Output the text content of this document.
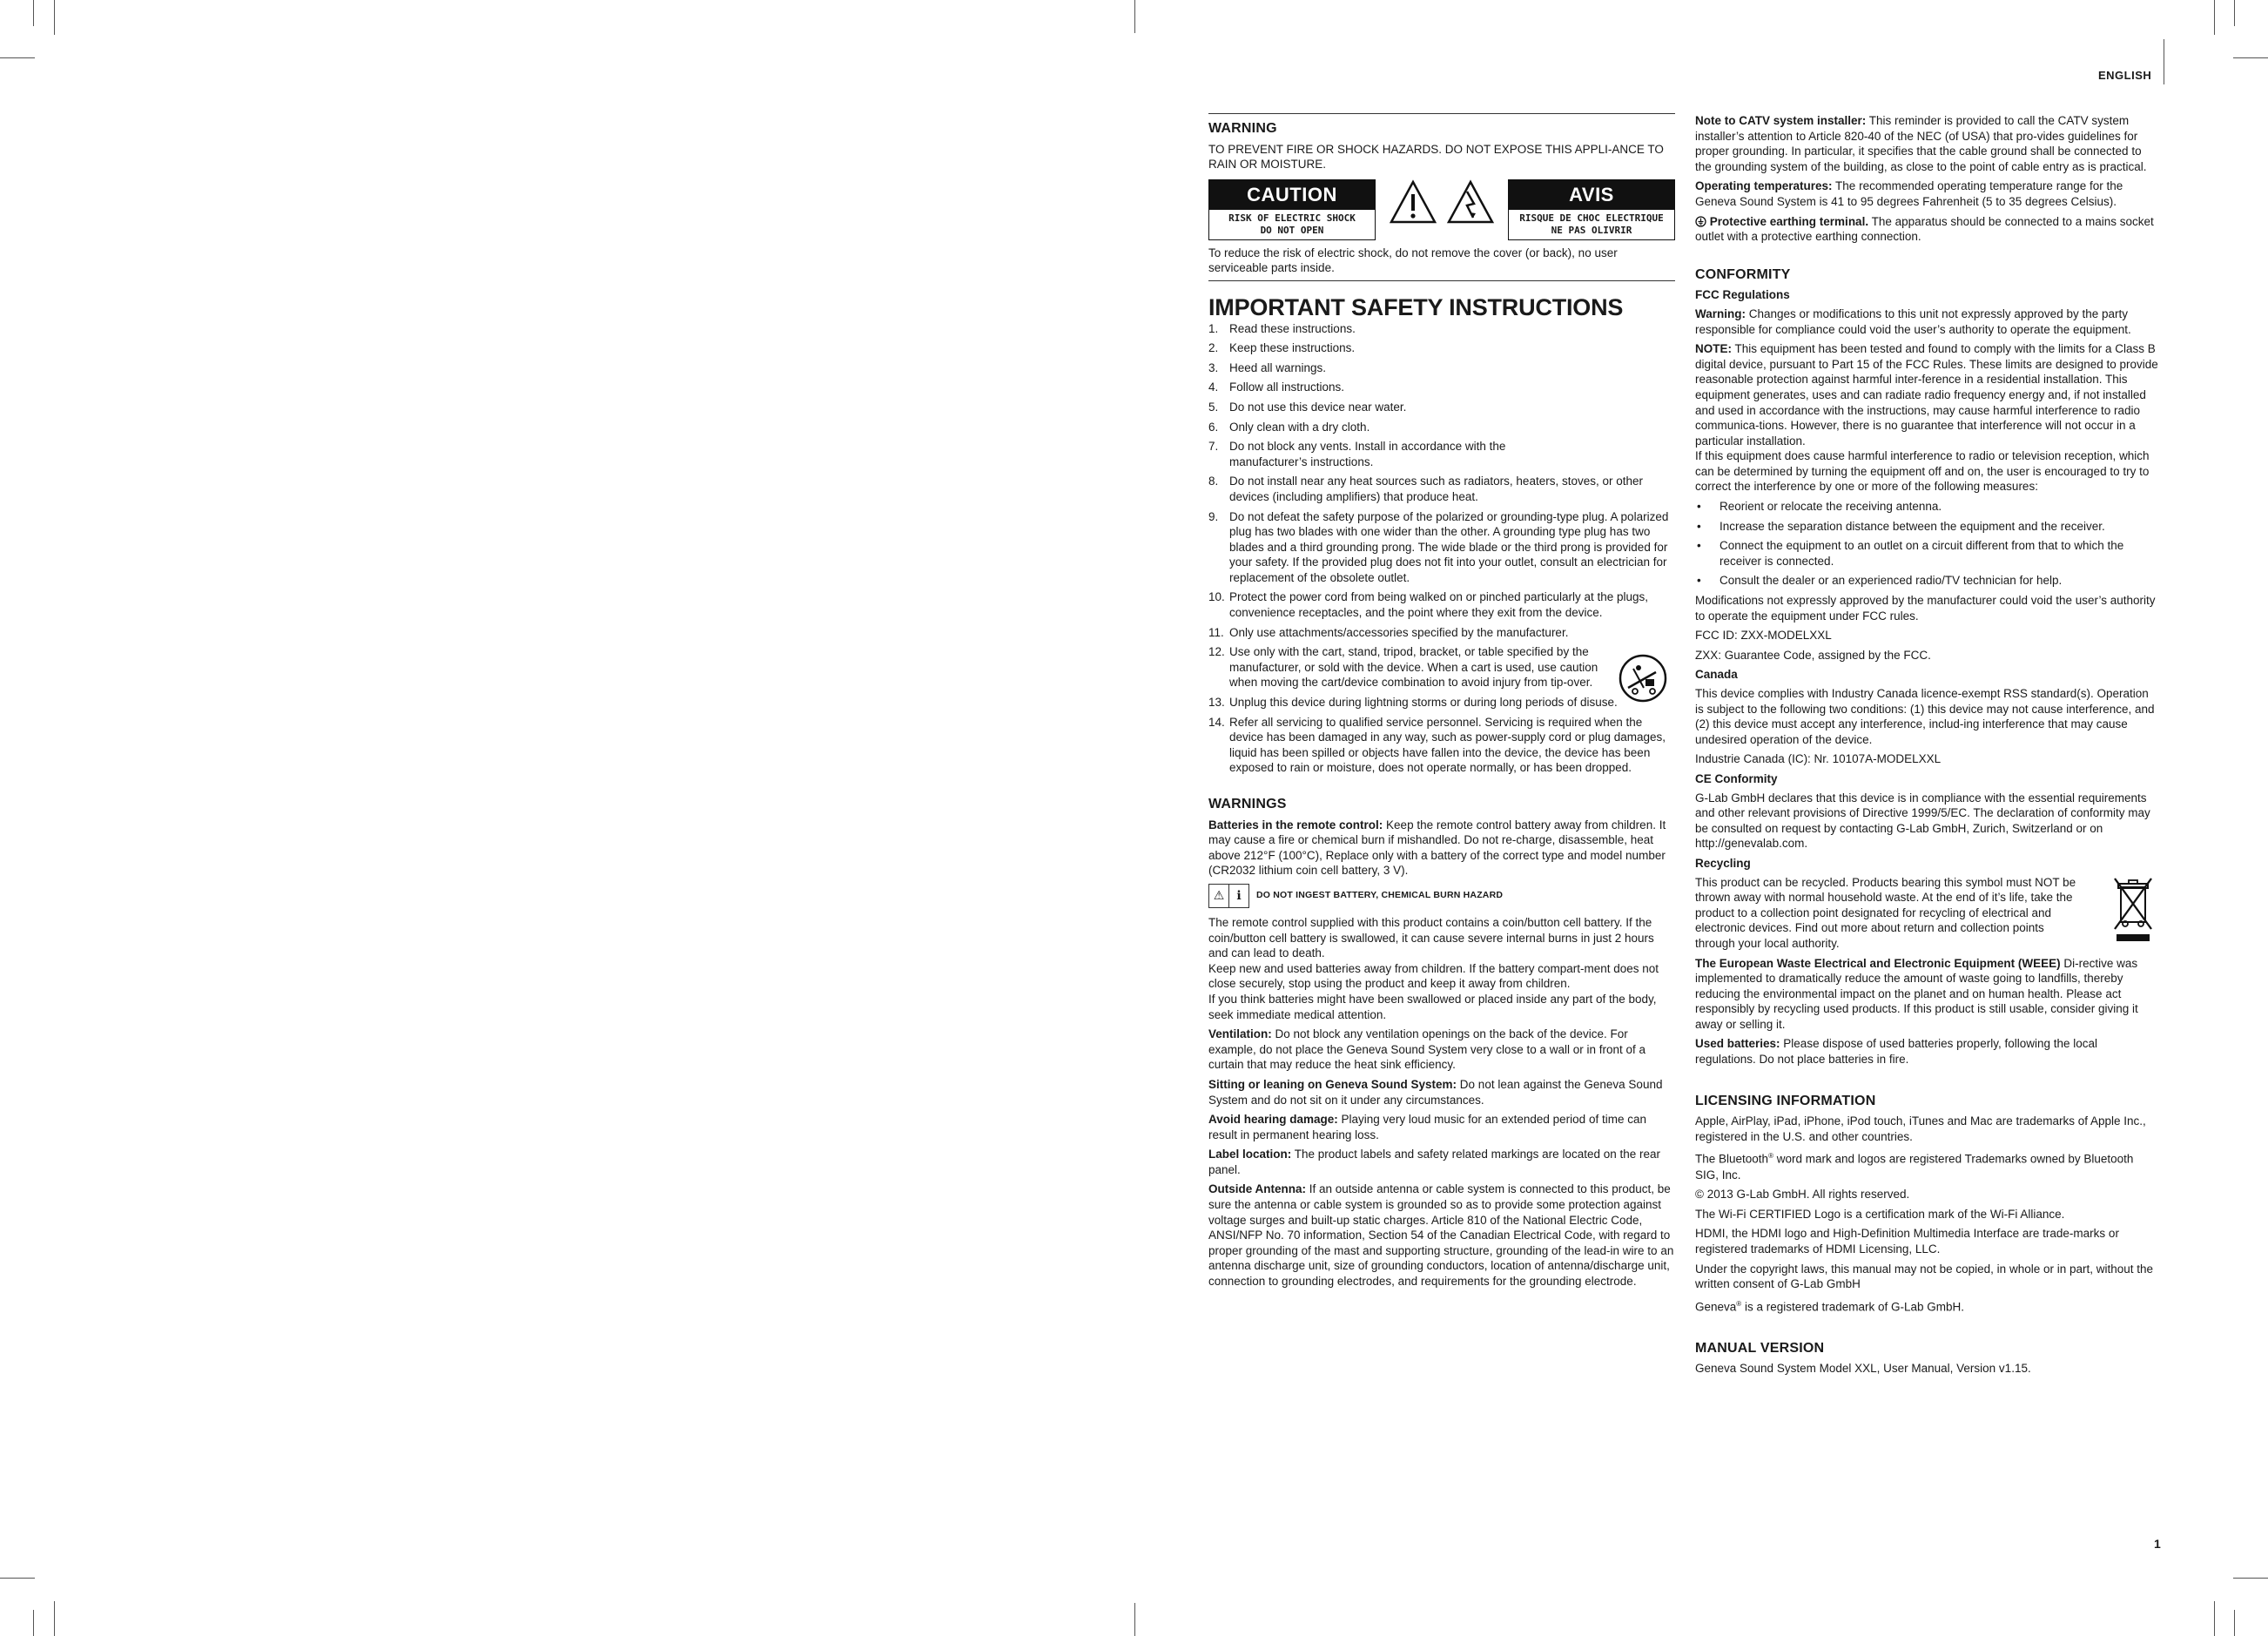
ENGLISH
1
WARNING

TO PREVENT FIRE OR SHOCK HAZARDS. DO NOT EXPOSE THIS APPLI-ANCE TO RAIN OR MOISTURE.

CAUTION
RISK OF ELECTRIC SHOCK
DO NOT OPEN
AVIS
RISQUE DE CHOC ELECTRIQUE
NE PAS OLIVRIR

To reduce the risk of electric shock, do not remove the cover (or back), no user serviceable parts inside.

IMPORTANT SAFETY INSTRUCTIONS
1. Read these instructions.
2. Keep these instructions.
3. Heed all warnings.
4. Follow all instructions.
5. Do not use this device near water.
6. Only clean with a dry cloth.
7. Do not block any vents. Install in accordance with the manufacturer’s instructions.
8. Do not install near any heat sources such as radiators, heaters, stoves, or other devices (including amplifiers) that produce heat.
9. Do not defeat the safety purpose of the polarized or grounding-type plug. A polarized plug has two blades with one wider than the other. A grounding type plug has two blades and a third grounding prong. The wide blade or the third prong is provided for your safety. If the provided plug does not fit into your outlet, consult an electrician for replacement of the obsolete outlet.
10. Protect the power cord from being walked on or pinched particularly at the plugs, convenience receptacles, and the point where they exit from the device.
11. Only use attachments/accessories specified by the manufacturer.
12. Use only with the cart, stand, tripod, bracket, or table specified by the manufacturer, or sold with the device. When a cart is used, use caution when moving the cart/device combination to avoid injury from tip-over.
13. Unplug this device during lightning storms or during long periods of disuse.
14. Refer all servicing to qualified service personnel. Servicing is required when the device has been damaged in any way, such as power-supply cord or plug damages, liquid has been spilled or objects have fallen into the device, the device has been exposed to rain or moisture, does not operate normally, or has been dropped.
WARNINGS

Batteries in the remote control: Keep the remote control battery away from children. It may cause a fire or chemical burn if mishandled. Do not re-charge, disassemble, heat above 212°F (100°C), Replace only with a battery of the correct type and model number (CR2032 lithium coin cell battery, 3 V).

⚠	ℹ	DO NOT INGEST BATTERY, CHEMICAL BURN HAZARD

The remote control supplied with this product contains a coin/button cell battery. If the coin/button cell battery is swallowed, it can cause severe internal burns in just 2 hours and can lead to death.

Keep new and used batteries away from children. If the battery compart-ment does not close securely, stop using the product and keep it away from children.

If you think batteries might have been swallowed or placed inside any part of the body, seek immediate medical attention.

Ventilation: Do not block any ventilation openings on the back of the device. For example, do not place the Geneva Sound System very close to a wall or in front of a curtain that may reduce the heat sink efficiency.

Sitting or leaning on Geneva Sound System: Do not lean against the Geneva Sound System and do not sit on it under any circumstances.

Avoid hearing damage: Playing very loud music for an extended period of time can result in permanent hearing loss.

Label location: The product labels and safety related markings are located on the rear panel.

Outside Antenna: If an outside antenna or cable system is connected to this product, be sure the antenna or cable system is grounded so as to provide some protection against voltage surges and built-up static charges. Article 810 of the National Electric Code, ANSI/NFP No. 70 information, Section 54 of the Canadian Electrical Code, with regard to proper grounding of the mast and supporting structure, grounding of the lead-in wire to an antenna discharge unit, size of grounding conductors, location of antenna/discharge unit, connection to grounding electrodes, and requirements for the grounding electrode.

Note to CATV system installer: This reminder is provided to call the CATV system installer’s attention to Article 820-40 of the NEC (of USA) that pro-vides guidelines for proper grounding. In particular, it specifies that the cable ground shall be connected to the grounding system of the building, as close to the point of cable entry as is practical.

Operating temperatures: The recommended operating temperature range for the Geneva Sound System is 41 to 95 degrees Fahrenheit (5 to 35 degrees Celsius).

Protective earthing terminal. The apparatus should be connected to a mains socket outlet with a protective earthing connection.

CONFORMITY
FCC Regulations

Warning: Changes or modifications to this unit not expressly approved by the party responsible for compliance could void the user’s authority to operate the equipment.

NOTE: This equipment has been tested and found to comply with the limits for a Class B digital device, pursuant to Part 15 of the FCC Rules. These limits are designed to provide reasonable protection against harmful inter-ference in a residential installation. This equipment generates, uses and can radiate radio frequency energy and, if not installed and used in accordance with the instructions, may cause harmful interference to radio communica-tions. However, there is no guarantee that interference will not occur in a particular installation.

If this equipment does cause harmful interference to radio or television reception, which can be determined by turning the equipment off and on, the user is encouraged to try to correct the interference by one or more of the following measures:

•	Reorient or relocate the receiving antenna.
•	Increase the separation distance between the equipment and the receiver.
•	Connect the equipment to an outlet on a circuit different from that to which the receiver is connected.
•	Consult the dealer or an experienced radio/TV technician for help.

Modifications not expressly approved by the manufacturer could void the user’s authority to operate the equipment under FCC rules.

FCC ID: ZXX-MODELXXL

ZXX: Guarantee Code, assigned by the FCC.

Canada

This device complies with Industry Canada licence-exempt RSS standard(s). Operation is subject to the following two conditions: (1) this device may not cause interference, and (2) this device must accept any interference, includ-ing interference that may cause undesired operation of the device.

Industrie Canada (IC): Nr. 10107A-MODELXXL

CE Conformity

G-Lab GmbH declares that this device is in compliance with the essential requirements and other relevant provisions of Directive 1999/5/EC. The declaration of conformity may be consulted on request by contacting G-Lab GmbH, Zurich, Switzerland or on http://genevalab.com.

Recycling

This product can be recycled. Products bearing this symbol must NOT be thrown away with normal household waste. At the end of it’s life, take the product to a collection point designated for recycling of electrical and electronic devices. Find out more about return and collection points through your local authority.

The European Waste Electrical and Electronic Equipment (WEEE) Di-rective was implemented to dramatically reduce the amount of waste going to landfills, thereby reducing the environmental impact on the planet and on human health. Please act responsibly by recycling used products. If this product is still usable, consider giving it away or selling it.

Used batteries: Please dispose of used batteries properly, following the local regulations. Do not place batteries in fire.

LICENSING INFORMATION

Apple, AirPlay, iPad, iPhone, iPod touch, iTunes and Mac are trademarks of Apple Inc., registered in the U.S. and other countries.

The Bluetooth® word mark and logos are registered Trademarks owned by Bluetooth SIG, Inc.

© 2013 G-Lab GmbH. All rights reserved.

The Wi-Fi CERTIFIED Logo is a certification mark of the Wi-Fi Alliance.

HDMI, the HDMI logo and High-Definition Multimedia Interface are trade-marks or registered trademarks of HDMI Licensing, LLC.

Under the copyright laws, this manual may not be copied, in whole or in part, without the written consent of G-Lab GmbH

Geneva® is a registered trademark of G-Lab GmbH.

MANUAL VERSION

Geneva Sound System Model XXL, User Manual, Version v1.15.
